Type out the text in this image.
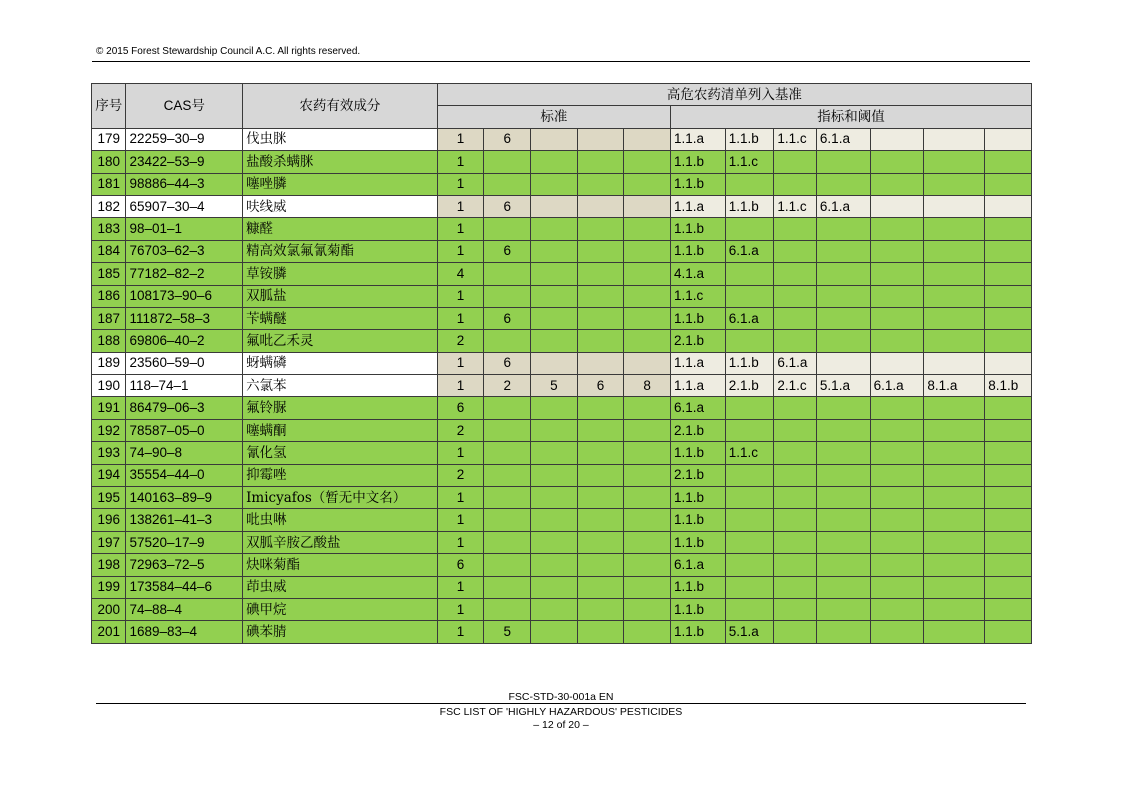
© 2015 Forest Stewardship Council A.C. All rights reserved.
序号	CAS号	农药有效成分	高危农药清单列入基准											
			标准					指标和阈值						
179	22259–30–9	伐虫脒	1	6				1.1.a	1.1.b	1.1.c	6.1.a			
180	23422–53–9	盐酸杀螨脒	1					1.1.b	1.1.c					
181	98886–44–3	噻唑膦	1					1.1.b						
182	65907–30–4	呋线威	1	6				1.1.a	1.1.b	1.1.c	6.1.a			
183	98–01–1	糠醛	1					1.1.b						
184	76703–62–3	精高效氯氟氰菊酯	1	6				1.1.b	6.1.a					
185	77182–82–2	草铵膦	4					4.1.a						
186	108173–90–6	双胍盐	1					1.1.c						
187	111872–58–3	苄螨醚	1	6				1.1.b	6.1.a					
188	69806–40–2	氟吡乙禾灵	2					2.1.b						
189	23560–59–0	蚜螨磷	1	6				1.1.a	1.1.b	6.1.a				
190	118–74–1	六氯苯	1	2	5	6	8	1.1.a	2.1.b	2.1.c	5.1.a	6.1.a	8.1.a	8.1.b
191	86479–06–3	氟铃脲	6					6.1.a						
192	78587–05–0	噻螨酮	2					2.1.b						
193	74–90–8	氰化氢	1					1.1.b	1.1.c					
194	35554–44–0	抑霉唑	2					2.1.b						
195	140163–89–9	Imicyafos（暂无中文名）	1					1.1.b						
196	138261–41–3	吡虫啉	1					1.1.b						
197	57520–17–9	双胍辛胺乙酸盐	1					1.1.b						
198	72963–72–5	炔咪菊酯	6					6.1.a						
199	173584–44–6	茚虫威	1					1.1.b						
200	74–88–4	碘甲烷	1					1.1.b						
201	1689–83–4	碘苯腈	1	5				1.1.b	5.1.a					
FSC-STD-30-001a EN
FSC LIST OF 'HIGHLY HAZARDOUS' PESTICIDES
– 12 of 20 –
